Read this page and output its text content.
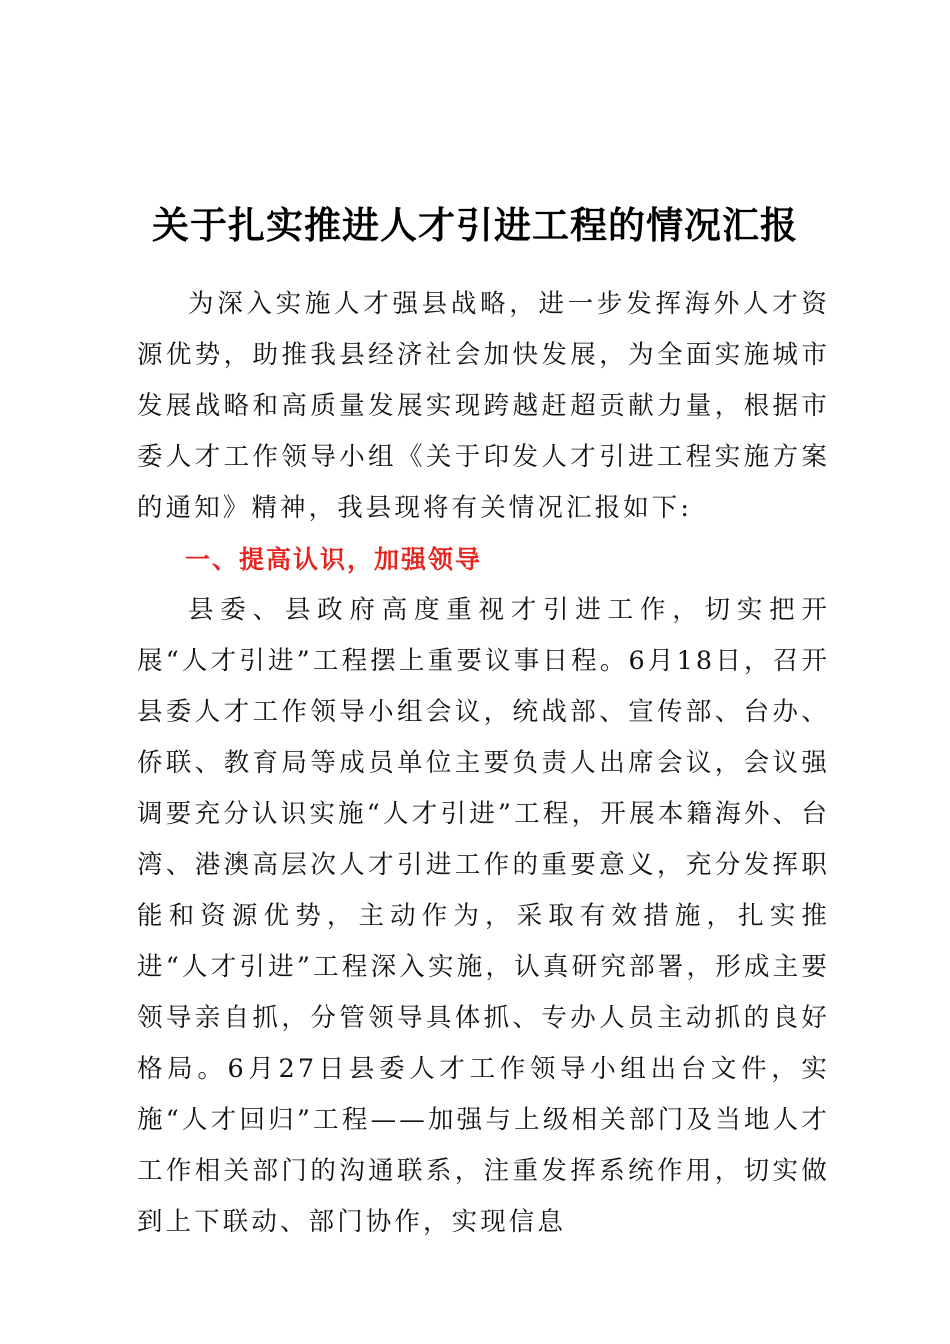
关于扎实推进人才引进工程的情况汇报

为深入实施人才强县战略，进一步发挥海外人才资源优势，助推我县经济社会加快发展，为全面实施城市发展战略和高质量发展实现跨越赶超贡献力量，根据市委人才工作领导小组《关于印发人才引进工程实施方案的通知》精神，我县现将有关情况汇报如下:

一、提高认识，加强领导

县委、县政府高度重视才引进工作，切实把开展“人才引进”工程摆上重要议事日程。6月18日，召开县委人才工作领导小组会议，统战部、宣传部、台办、侨联、教育局等成员单位主要负责人出席会议，会议强调要充分认识实施“人才引进”工程，开展本籍海外、台湾、港澳高层次人才引进工作的重要意义，充分发挥职能和资源优势，主动作为，采取有效措施，扎实推进“人才引进”工程深入实施，认真研究部署，形成主要领导亲自抓，分管领导具体抓、专办人员主动抓的良好格局。6月27日县委人才工作领导小组出台文件，实施“人才回归”工程——加强与上级相关部门及当地人才工作相关部门的沟通联系，注重发挥系统作用，切实做到上下联动、部门协作，实现信息
